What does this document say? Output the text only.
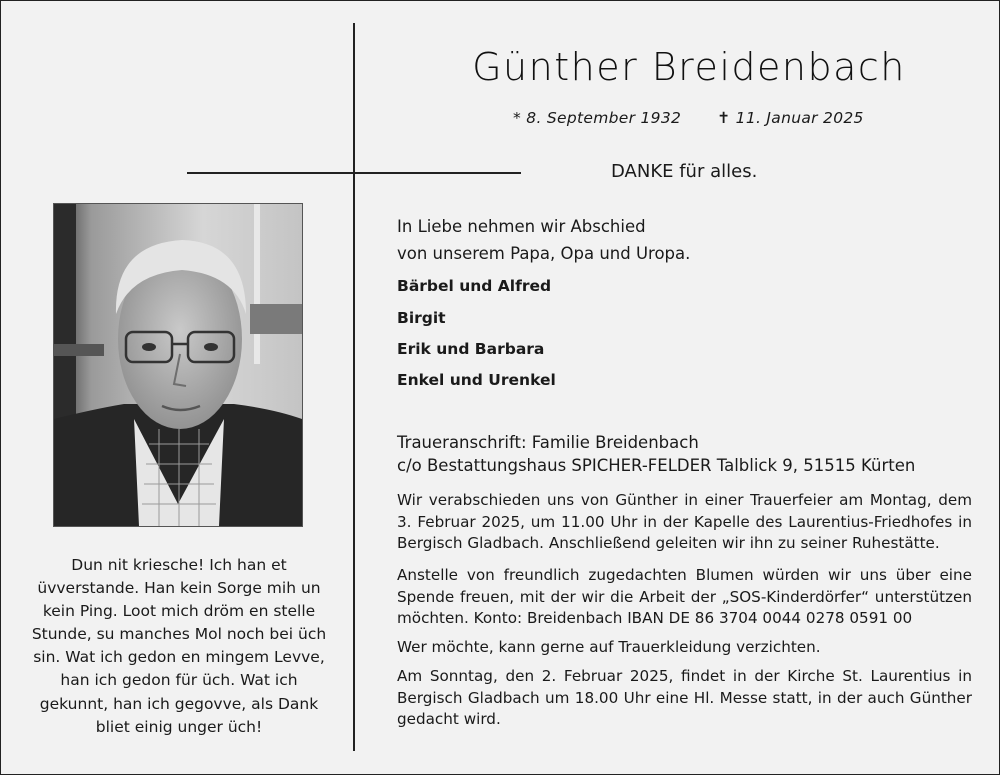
Günther Breidenbach
* 8. September 1932 ✝ 11. Januar 2025
DANKE für alles.
Dun nit kriesche! Ich han et
üvverstande. Han kein Sorge mih un
kein Ping. Loot mich dröm en stelle
Stunde, su manches Mol noch bei üch
sin. Wat ich gedon en mingem Levve,
han ich gedon für üch. Wat ich
gekunnt, han ich gegovve, als Dank
bliet einig unger üch!
In Liebe nehmen wir Abschied
von unserem Papa, Opa und Uropa.
Bärbel und Alfred
Birgit
Erik und Barbara
Enkel und Urenkel
Traueranschrift: Familie Breidenbach
c/o Bestattungshaus SPICHER-FELDER Talblick 9, 51515 Kürten
Wir verabschieden uns von Günther in einer Trauerfeier am Montag, dem 3. Februar 2025, um 11.00 Uhr in der Kapelle des Laurentius-Friedhofes in Bergisch Gladbach. Anschließend geleiten wir ihn zu seiner Ruhestätte.
Anstelle von freundlich zugedachten Blumen würden wir uns über eine Spende freuen, mit der wir die Arbeit der „SOS-Kinderdörfer“ unterstützen möchten. Konto: Breidenbach IBAN DE 86 3704 0044 0278 0591 00
Wer möchte, kann gerne auf Trauerkleidung verzichten.
Am Sonntag, den 2. Februar 2025, findet in der Kirche St. Laurentius in Bergisch Gladbach um 18.00 Uhr eine Hl. Messe statt, in der auch Günther gedacht wird.
